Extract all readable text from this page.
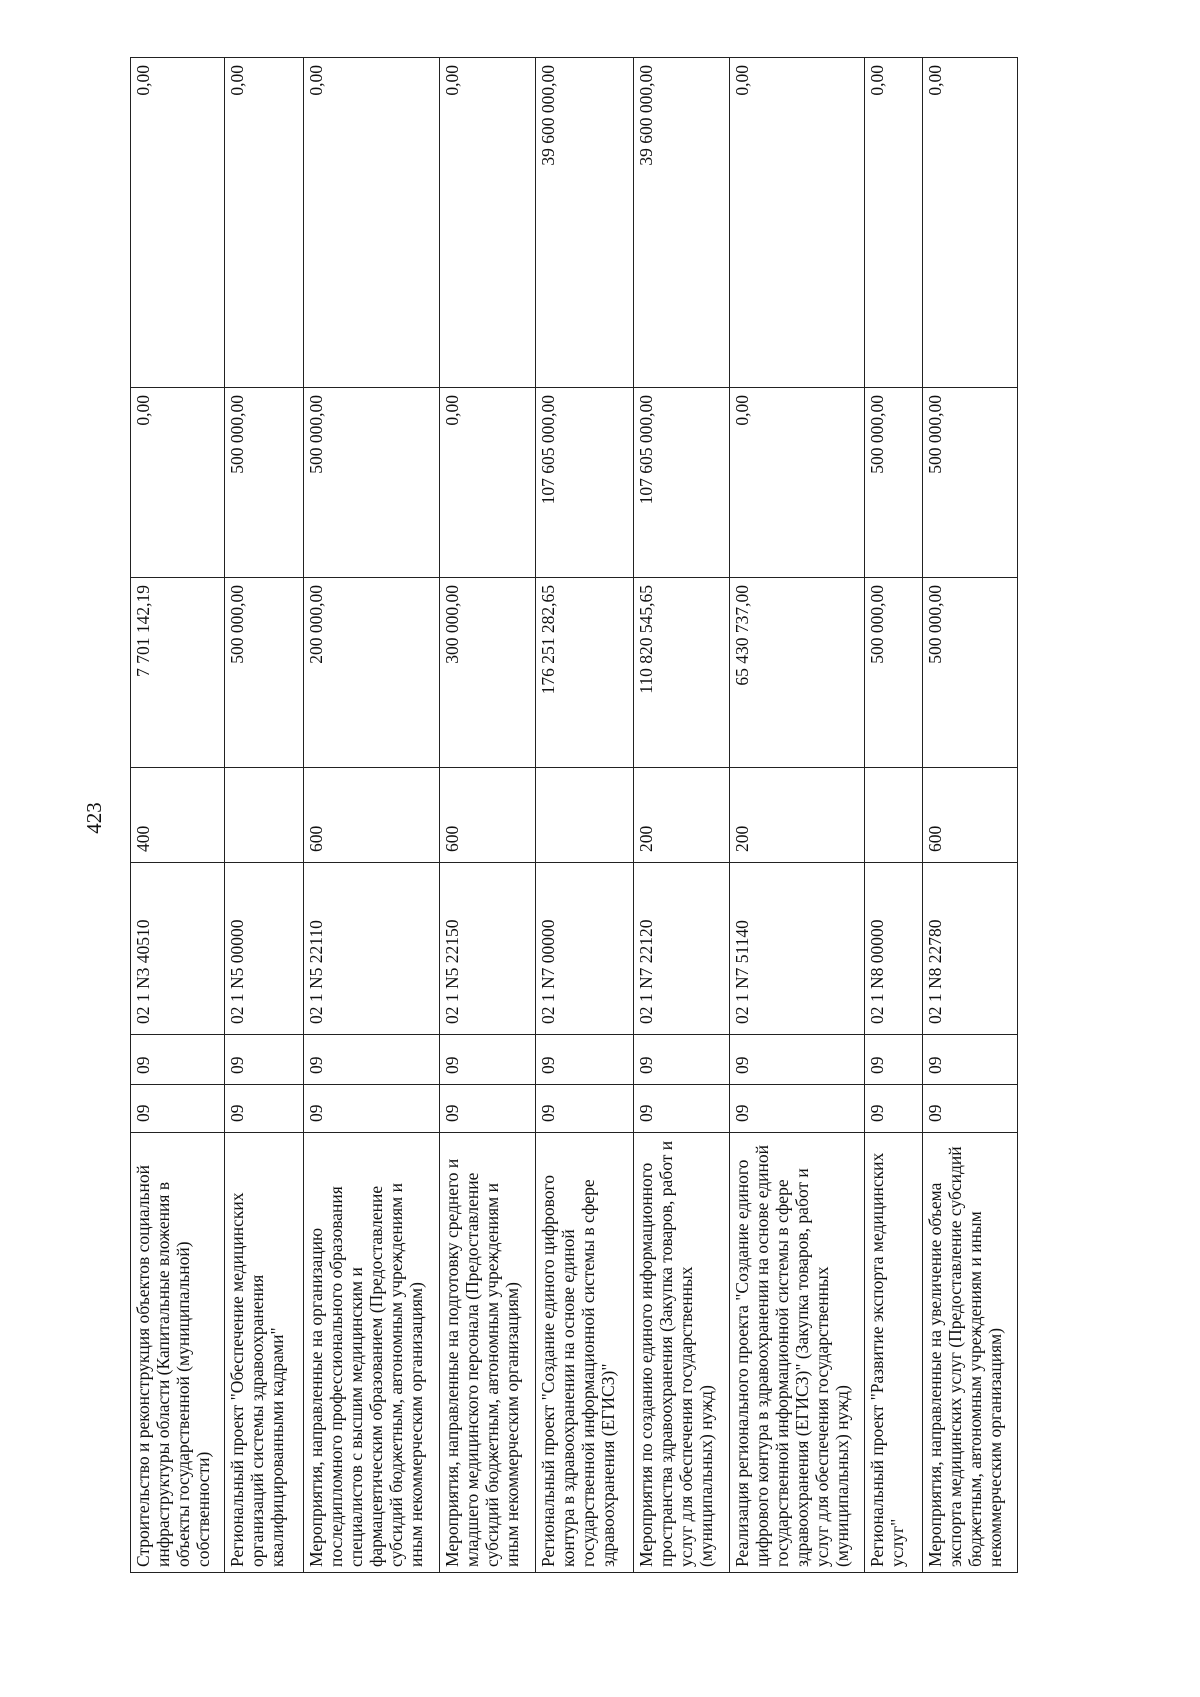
423
Строительство и реконструкция объектов социальной инфраструктуры области (Капитальные вложения в объекты государственной (муниципальной) собственности)	09	09	02 1 N3 40510	400	7 701 142,19	0,00	0,00
Региональный проект "Обеспечение медицинских организаций системы здравоохранения квалифицированными кадрами"	09	09	02 1 N5 00000		500 000,00	500 000,00	0,00
Мероприятия, направленные на организацию последипломного профессионального образования специалистов с высшим медицинским и фармацевтическим образованием (Предоставление субсидий бюджетным, автономным учреждениям и иным некоммерческим организациям)	09	09	02 1 N5 22110	600	200 000,00	500 000,00	0,00
Мероприятия, направленные на подготовку среднего и младшего медицинского персонала (Предоставление субсидий бюджетным, автономным учреждениям и иным некоммерческим организациям)	09	09	02 1 N5 22150	600	300 000,00	0,00	0,00
Региональный проект "Создание единого цифрового контура в здравоохранении на основе единой государственной информационной системы в сфере здравоохранения (ЕГИСЗ)"	09	09	02 1 N7 00000		176 251 282,65	107 605 000,00	39 600 000,00
Мероприятия по созданию единого информационного пространства здравоохранения (Закупка товаров, работ и услуг для обеспечения государственных (муниципальных) нужд)	09	09	02 1 N7 22120	200	110 820 545,65	107 605 000,00	39 600 000,00
Реализация регионального проекта "Создание единого цифрового контура в здравоохранении на основе единой государственной информационной системы в сфере здравоохранения (ЕГИСЗ)" (Закупка товаров, работ и услуг для обеспечения государственных (муниципальных) нужд)	09	09	02 1 N7 51140	200	65 430 737,00	0,00	0,00
Региональный проект "Развитие экспорта медицинских услуг"	09	09	02 1 N8 00000		500 000,00	500 000,00	0,00
Мероприятия, направленные на увеличение объема экспорта медицинских услуг (Предоставление субсидий бюджетным, автономным учреждениям и иным некоммерческим организациям)	09	09	02 1 N8 22780	600	500 000,00	500 000,00	0,00
